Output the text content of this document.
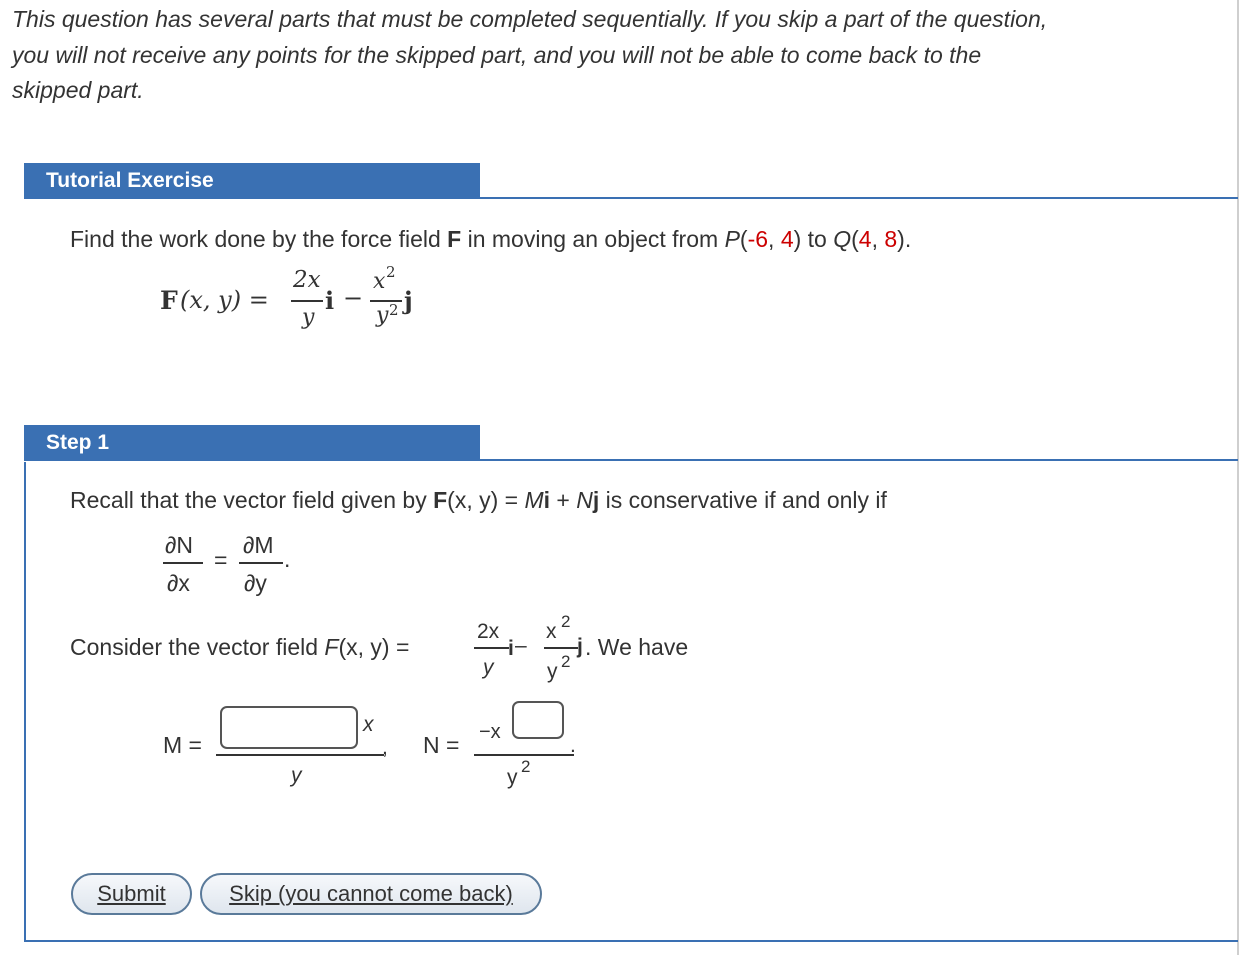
This question has several parts that must be completed sequentially. If you skip a part of the question,
you will not receive any points for the skipped part, and you will not be able to come back to the
skipped part.
Tutorial Exercise
Find the work done by the force field F in moving an object from P(-6, 4) to Q(4, 8).
F (x, y) =
2x
y
i −
x 2
y 2 j
Step 1
Recall that the vector field given by F(x, y) = Mi + Nj is conservative if and only if
∂N
∂x
=
∂M
∂y
.
Consider the vector field F(x, y) =
2x
y
i –
x 2
y 2
j . We have
M =
x
y
, N = −x
y 2
.
Submit	Skip (you cannot come back)
